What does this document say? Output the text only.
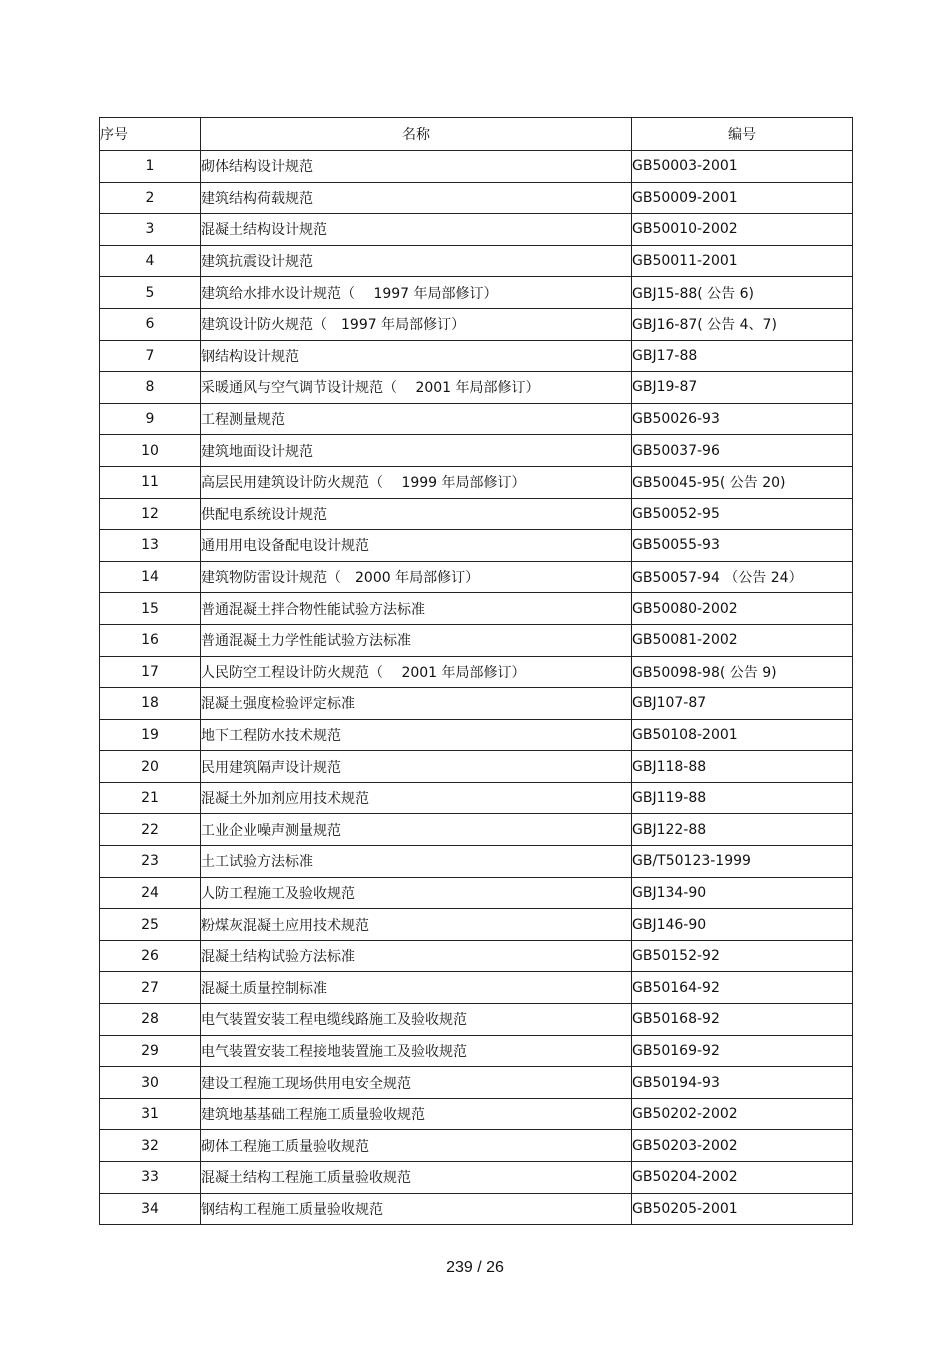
序号	名称	编号
1	砌体结构设计规范	GB50003-2001
2	建筑结构荷载规范	GB50009-2001
3	混凝土结构设计规范	GB50010-2002
4	建筑抗震设计规范	GB50011-2001
5	建筑给水排水设计规范（　 1997 年局部修订）	GBJ15-88( 公告 6)
6	建筑设计防火规范（　1997 年局部修订）	GBJ16-87( 公告 4、7)
7	钢结构设计规范	GBJ17-88
8	采暖通风与空气调节设计规范（　 2001 年局部修订）	GBJ19-87
9	工程测量规范	GB50026-93
10	建筑地面设计规范	GB50037-96
11	高层民用建筑设计防火规范（　 1999 年局部修订）	GB50045-95( 公告 20)
12	供配电系统设计规范	GB50052-95
13	通用用电设备配电设计规范	GB50055-93
14	建筑物防雷设计规范（　2000 年局部修订）	GB50057-94 （公告 24）
15	普通混凝土拌合物性能试验方法标准	GB50080-2002
16	普通混凝土力学性能试验方法标准	GB50081-2002
17	人民防空工程设计防火规范（　 2001 年局部修订）	GB50098-98( 公告 9)
18	混凝土强度检验评定标准	GBJ107-87
19	地下工程防水技术规范	GB50108-2001
20	民用建筑隔声设计规范	GBJ118-88
21	混凝土外加剂应用技术规范	GBJ119-88
22	工业企业噪声测量规范	GBJ122-88
23	土工试验方法标准	GB/T50123-1999
24	人防工程施工及验收规范	GBJ134-90
25	粉煤灰混凝土应用技术规范	GBJ146-90
26	混凝土结构试验方法标准	GB50152-92
27	混凝土质量控制标准	GB50164-92
28	电气装置安装工程电缆线路施工及验收规范	GB50168-92
29	电气装置安装工程接地装置施工及验收规范	GB50169-92
30	建设工程施工现场供用电安全规范	GB50194-93
31	建筑地基基础工程施工质量验收规范	GB50202-2002
32	砌体工程施工质量验收规范	GB50203-2002
33	混凝土结构工程施工质量验收规范	GB50204-2002
34	钢结构工程施工质量验收规范	GB50205-2001
239 / 26
